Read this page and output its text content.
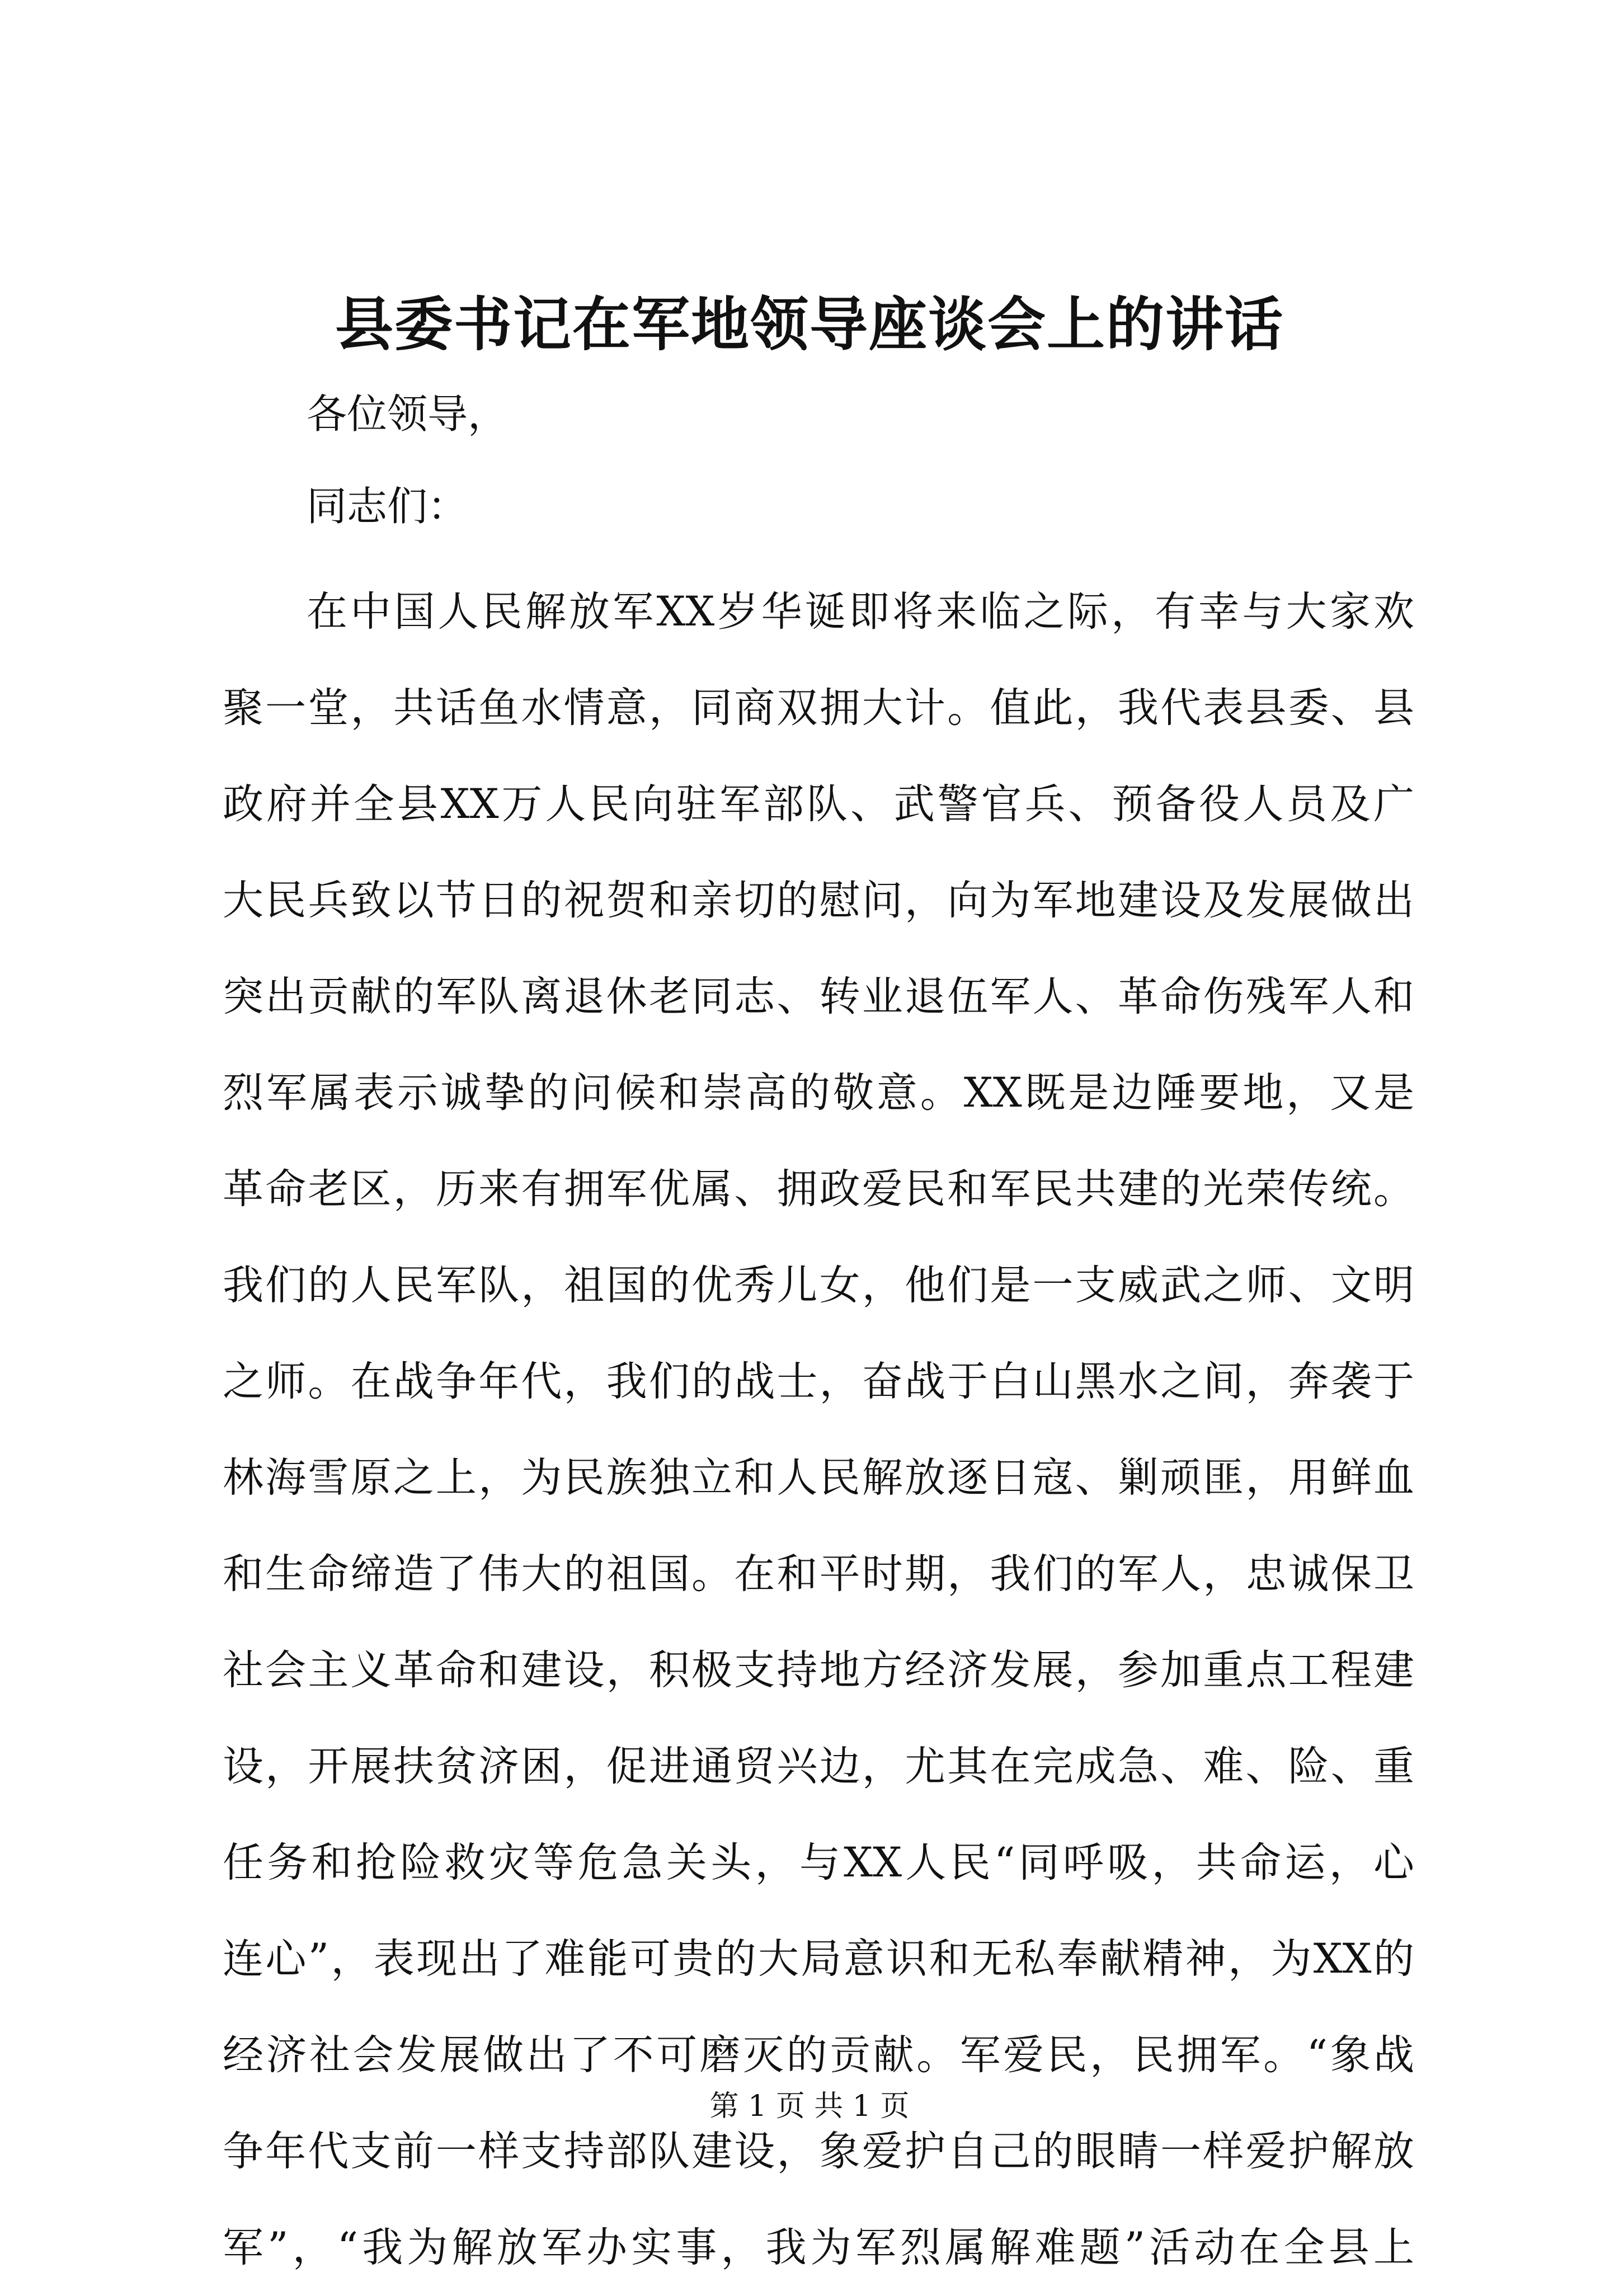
县委书记在军地领导座谈会上的讲话

各位领导，

同志们：

在中国人民解放军XX岁华诞即将来临之际，有幸与大家欢
聚一堂，共话鱼水情意，同商双拥大计。值此，我代表县委、县
政府并全县XX万人民向驻军部队、武警官兵、预备役人员及广
大民兵致以节日的祝贺和亲切的慰问，向为军地建设及发展做出
突出贡献的军队离退休老同志、转业退伍军人、革命伤残军人和
烈军属表示诚挚的问候和崇高的敬意。XX既是边陲要地，又是
革命老区，历来有拥军优属、拥政爱民和军民共建的光荣传统。
我们的人民军队，祖国的优秀儿女，他们是一支威武之师、文明
之师。在战争年代，我们的战士，奋战于白山黑水之间，奔袭于
林海雪原之上，为民族独立和人民解放逐日寇、剿顽匪，用鲜血
和生命缔造了伟大的祖国。在和平时期，我们的军人，忠诚保卫
社会主义革命和建设，积极支持地方经济发展，参加重点工程建
设，开展扶贫济困，促进通贸兴边，尤其在完成急、难、险、重
任务和抢险救灾等危急关头，与XX人民“同呼吸，共命运，心
连心”，表现出了难能可贵的大局意识和无私奉献精神，为XX的
经济社会发展做出了不可磨灭的贡献。军爱民，民拥军。“象战
争年代支前一样支持部队建设，象爱护自己的眼睛一样爱护解放
军”，“我为解放军办实事，我为军烈属解难题”活动在全县上

第 1 页 共 1 页
